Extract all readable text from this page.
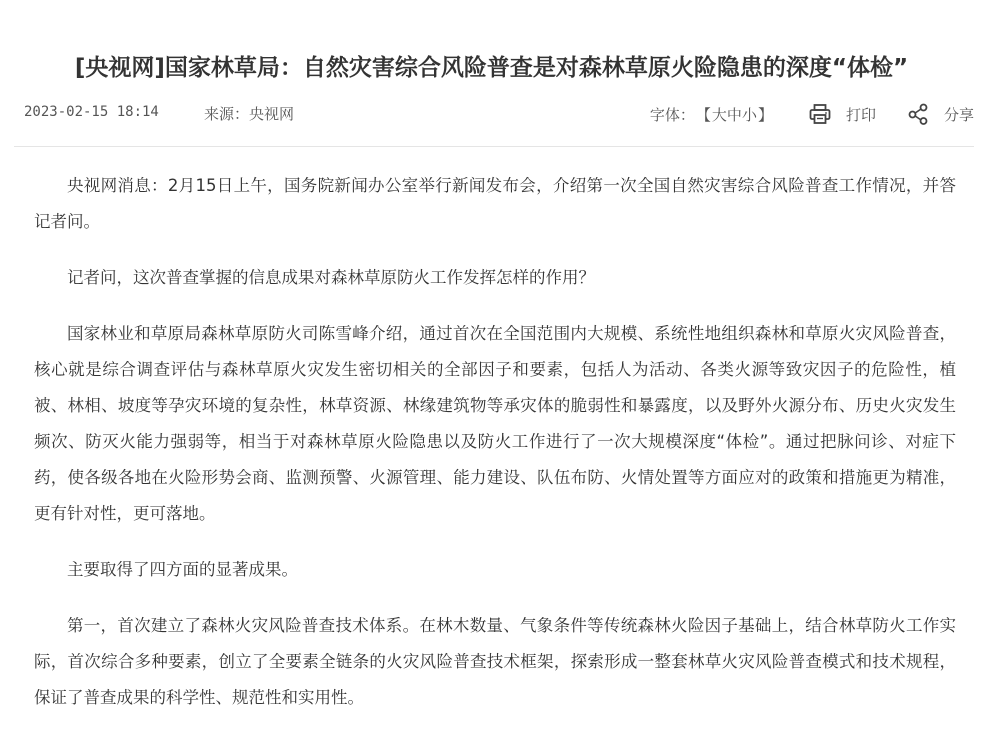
[央视网]国家林草局：自然灾害综合风险普查是对森林草原火险隐患的深度“体检”
2023-02-15 18:14	来源： 央视网	字体： 【 大 中 小 】	打印	分享

央视网消息：2月15日上午，国务院新闻办公室举行新闻发布会，介绍第一次全国自然灾害综合风险普查工作情况，并答记者问。

记者问，这次普查掌握的信息成果对森林草原防火工作发挥怎样的作用？

国家林业和草原局森林草原防火司陈雪峰介绍，通过首次在全国范围内大规模、系统性地组织森林和草原火灾风险普查，核心就是综合调查评估与森林草原火灾发生密切相关的全部因子和要素，包括人为活动、各类火源等致灾因子的危险性，植被、林相、坡度等孕灾环境的复杂性，林草资源、林缘建筑物等承灾体的脆弱性和暴露度，以及野外火源分布、历史火灾发生频次、防灭火能力强弱等，相当于对森林草原火险隐患以及防火工作进行了一次大规模深度“体检”。通过把脉问诊、对症下药，使各级各地在火险形势会商、监测预警、火源管理、能力建设、队伍布防、火情处置等方面应对的政策和措施更为精准，更有针对性，更可落地。

主要取得了四方面的显著成果。

第一，首次建立了森林火灾风险普查技术体系。在林木数量、气象条件等传统森林火险因子基础上，结合林草防火工作实际，首次综合多种要素，创立了全要素全链条的火灾风险普查技术框架，探索形成一整套林草火灾风险普查模式和技术规程，保证了普查成果的科学性、规范性和实用性。
